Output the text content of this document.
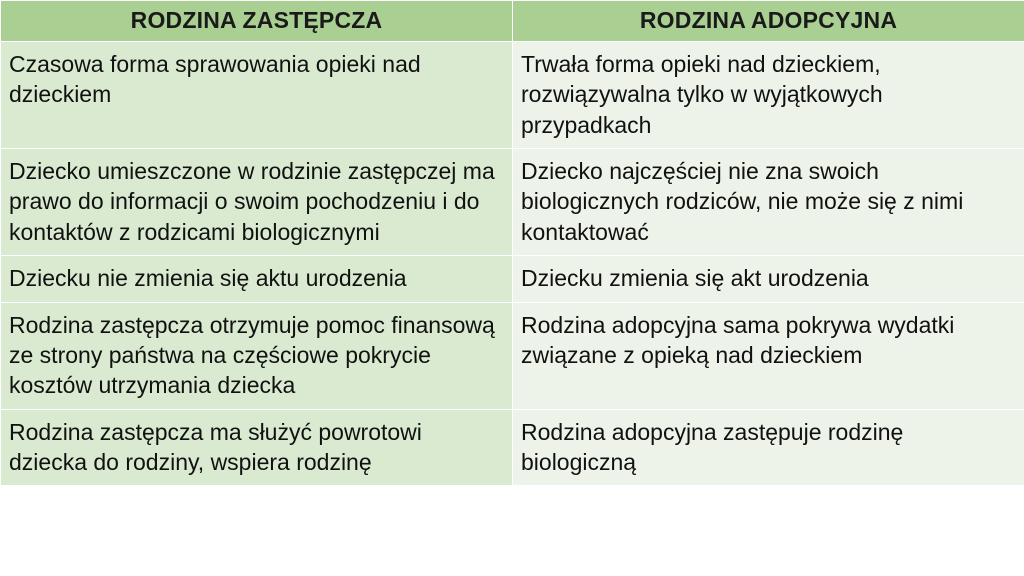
RODZINA ZASTĘPCZA	RODZINA ADOPCYJNA
Czasowa forma sprawowania opieki nad dzieckiem	Trwała forma opieki nad dzieckiem, rozwiązywalna tylko w wyjątkowych przypadkach
Dziecko umieszczone w rodzinie zastępczej ma prawo do informacji o swoim pochodzeniu i do kontaktów z rodzicami biologicznymi	Dziecko najczęściej nie zna swoich biologicznych rodziców, nie może się z nimi kontaktować
Dziecku nie zmienia się aktu urodzenia	Dziecku zmienia się akt urodzenia
Rodzina zastępcza otrzymuje pomoc finansową ze strony państwa na częściowe pokrycie kosztów utrzymania dziecka	Rodzina adopcyjna sama pokrywa wydatki związane z opieką nad dzieckiem
Rodzina zastępcza ma służyć powrotowi dziecka do rodziny, wspiera rodzinę	Rodzina adopcyjna zastępuje rodzinę biologiczną
